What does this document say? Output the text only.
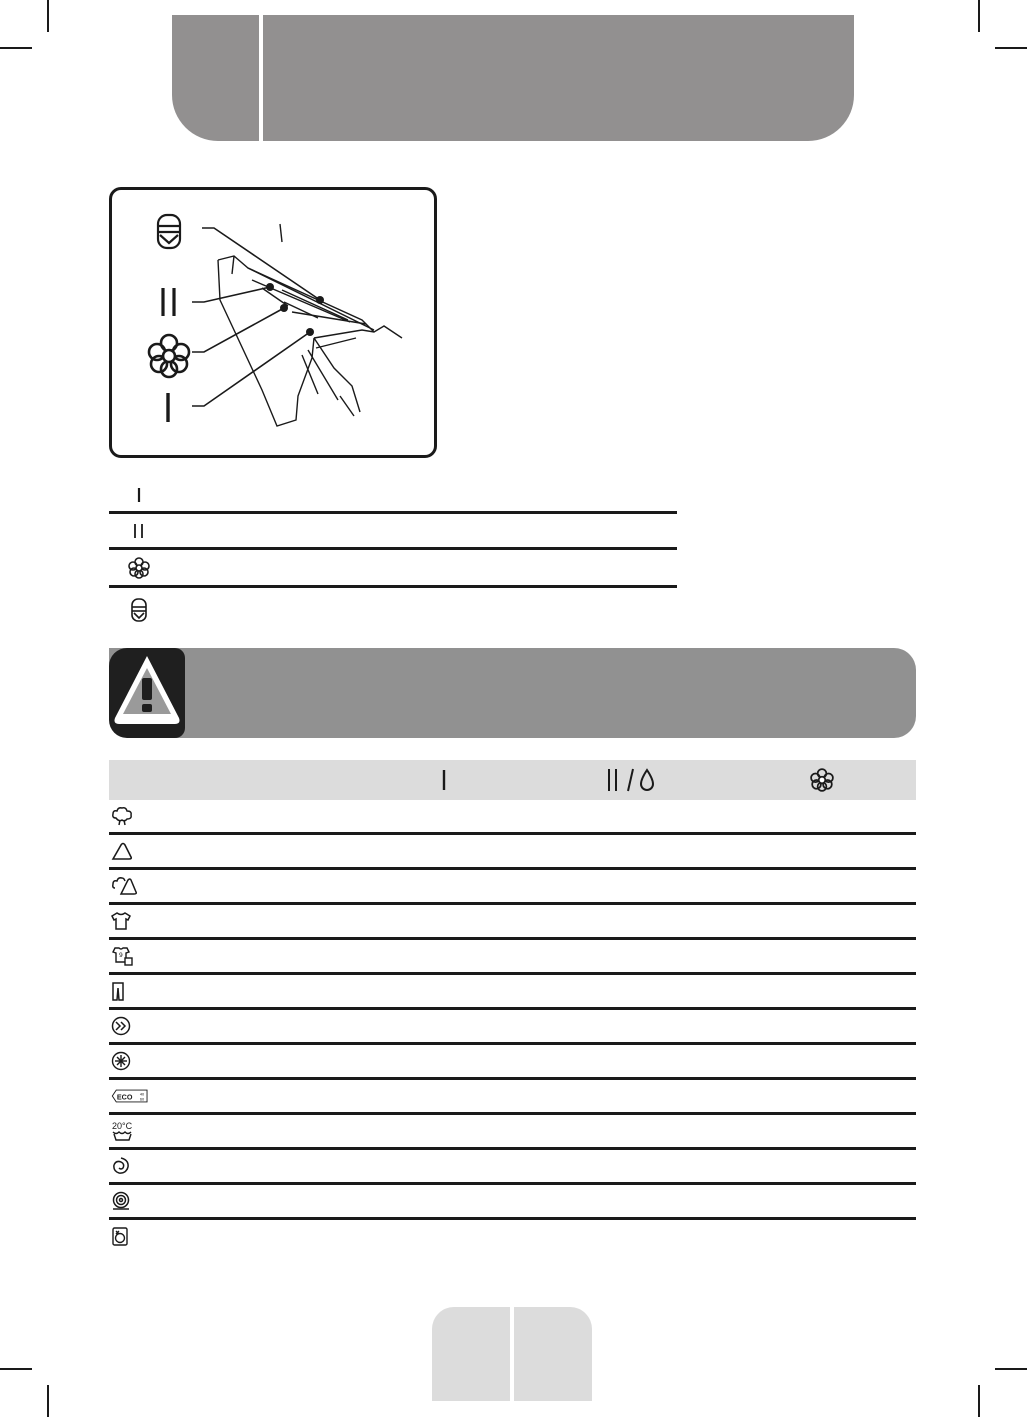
9
ECO 40
60
20°C
